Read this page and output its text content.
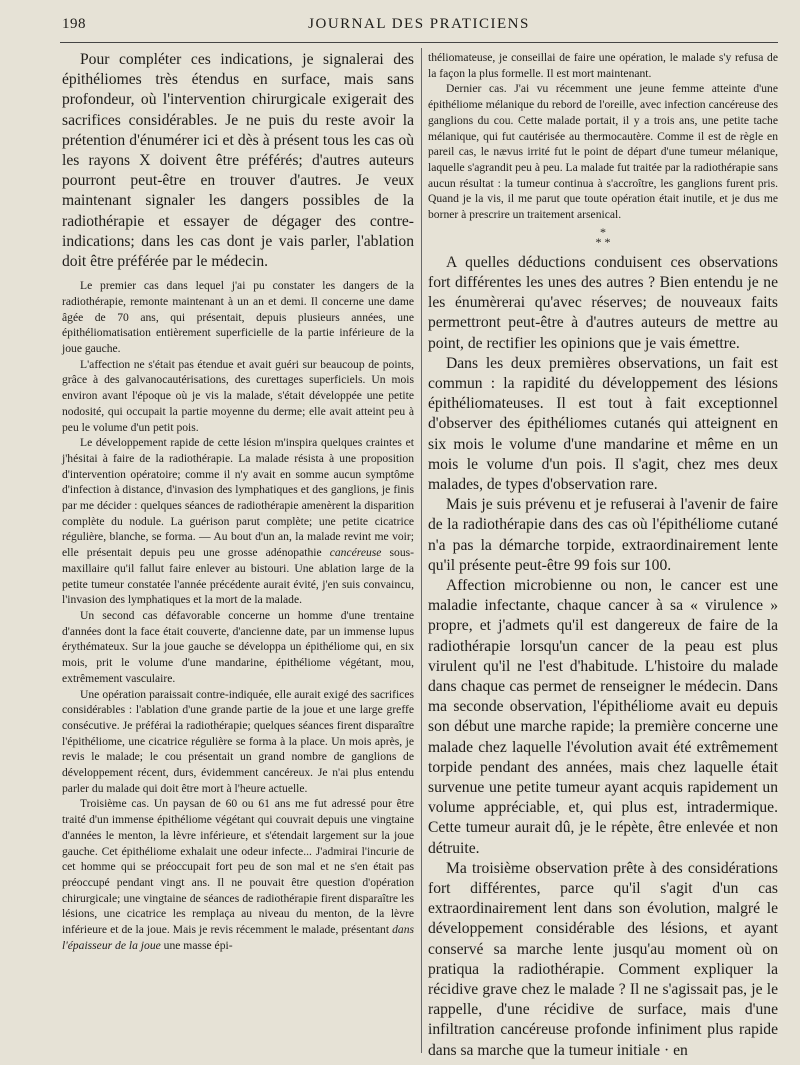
198	JOURNAL DES PRATICIENS

Pour compléter ces indications, je signalerai des épithéliomes très étendus en surface, mais sans profondeur, où l'intervention chirurgicale exigerait des sacrifices considérables. Je ne puis du reste avoir la prétention d'énumérer ici et dès à présent tous les cas où les rayons X doivent être préférés; d'autres auteurs pourront peut-être en trouver d'autres. Je veux maintenant signaler les dangers possibles de la radiothérapie et essayer de dégager des contre-indications; dans les cas dont je vais parler, l'ablation doit être préférée par le médecin.

Le premier cas dans lequel j'ai pu constater les dangers de la radiothérapie, remonte maintenant à un an et demi. Il concerne une dame âgée de 70 ans, qui présentait, depuis plusieurs années, une épithéliomatisation entièrement superficielle de la partie inférieure de la joue gauche.

L'affection ne s'était pas étendue et avait guéri sur beaucoup de points, grâce à des galvanocautérisations, des curettages superficiels. Un mois environ avant l'époque où je vis la malade, s'était développée une petite nodosité, qui occupait la partie moyenne du derme; elle avait atteint peu à peu le volume d'un petit pois.

Le développement rapide de cette lésion m'inspira quelques craintes et j'hésitai à faire de la radiothérapie. La malade résista à une proposition d'intervention opératoire; comme il n'y avait en somme aucun symptôme d'infection à distance, d'invasion des lymphatiques et des ganglions, je finis par me décider : quelques séances de radiothérapie amenèrent la disparition complète du nodule. La guérison parut complète; une petite cicatrice régulière, blanche, se forma. — Au bout d'un an, la malade revint me voir; elle présentait depuis peu une grosse adénopathie cancéreuse sous-maxillaire qu'il fallut faire enlever au bistouri. Une ablation large de la petite tumeur constatée l'année précédente aurait évité, j'en suis convaincu, l'invasion des lymphatiques et la mort de la malade.

Un second cas défavorable concerne un homme d'une trentaine d'années dont la face était couverte, d'ancienne date, par un immense lupus érythémateux. Sur la joue gauche se développa un épithéliome qui, en six mois, prit le volume d'une mandarine, épithéliome végétant, mou, extrêmement vasculaire.

Une opération paraissait contre-indiquée, elle aurait exigé des sacrifices considérables : l'ablation d'une grande partie de la joue et une large greffe consécutive. Je préférai la radiothérapie; quelques séances firent disparaître l'épithéliome, une cicatrice régulière se forma à la place. Un mois après, je revis le malade; le cou présentait un grand nombre de ganglions de développement récent, durs, évidemment cancéreux. Je n'ai plus entendu parler du malade qui doit être mort à l'heure actuelle.

Troisième cas. Un paysan de 60 ou 61 ans me fut adressé pour être traité d'un immense épithéliome végétant qui couvrait depuis une vingtaine d'années le menton, la lèvre inférieure, et s'étendait largement sur la joue gauche. Cet épithéliome exhalait une odeur infecte... J'admirai l'incurie de cet homme qui se préoccupait fort peu de son mal et ne s'en était pas préoccupé pendant vingt ans. Il ne pouvait être question d'opération chirurgicale; une vingtaine de séances de radiothérapie firent disparaître les lésions, une cicatrice les remplaça au niveau du menton, de la lèvre inférieure et de la joue. Mais je revis récemment le malade, présentant dans l'épaisseur de la joue une masse épi-

théliomateuse, je conseillai de faire une opération, le malade s'y refusa de la façon la plus formelle. Il est mort maintenant.

Dernier cas. J'ai vu récemment une jeune femme atteinte d'une épithéliome mélanique du rebord de l'oreille, avec infection cancéreuse des ganglions du cou. Cette malade portait, il y a trois ans, une petite tache mélanique, qui fut cautérisée au thermocautère. Comme il est de règle en pareil cas, le nævus irrité fut le point de départ d'une tumeur mélanique, laquelle s'agrandit peu à peu. La malade fut traitée par la radiothérapie sans aucun résultat : la tumeur continua à s'accroître, les ganglions furent pris. Quand je la vis, il me parut que toute opération était inutile, et je dus me borner à prescrire un traitement arsenical.

*
* *

A quelles déductions conduisent ces observations fort différentes les unes des autres ? Bien entendu je ne les énumèrerai qu'avec réserves; de nouveaux faits permettront peut-être à d'autres auteurs de mettre au point, de rectifier les opinions que je vais émettre.

Dans les deux premières observations, un fait est commun : la rapidité du développement des lésions épithéliomateuses. Il est tout à fait exceptionnel d'observer des épithéliomes cutanés qui atteignent en six mois le volume d'une mandarine et même en un mois le volume d'un pois. Il s'agit, chez mes deux malades, de types d'observation rare.

Mais je suis prévenu et je refuserai à l'avenir de faire de la radiothérapie dans des cas où l'épithéliome cutané n'a pas la démarche torpide, extraordinairement lente qu'il présente peut-être 99 fois sur 100.

Affection microbienne ou non, le cancer est une maladie infectante, chaque cancer à sa « virulence » propre, et j'admets qu'il est dangereux de faire de la radiothérapie lorsqu'un cancer de la peau est plus virulent qu'il ne l'est d'habitude. L'histoire du malade dans chaque cas permet de renseigner le médecin. Dans ma seconde observation, l'épithéliome avait eu depuis son début une marche rapide; la première concerne une malade chez laquelle l'évolution avait été extrêmement torpide pendant des années, mais chez laquelle était survenue une petite tumeur ayant acquis rapidement un volume appréciable, et, qui plus est, intradermique. Cette tumeur aurait dû, je le répète, être enlevée et non détruite.

Ma troisième observation prête à des considérations fort différentes, parce qu'il s'agit d'un cas extraordinairement lent dans son évolution, malgré le développement considérable des lésions, et ayant conservé sa marche lente jusqu'au moment où on pratiqua la radiothérapie. Comment expliquer la récidive grave chez le malade ? Il ne s'agissait pas, je le rappelle, d'une récidive de surface, mais d'une infiltration cancéreuse profonde infiniment plus rapide dans sa marche que la tumeur initiale · en
